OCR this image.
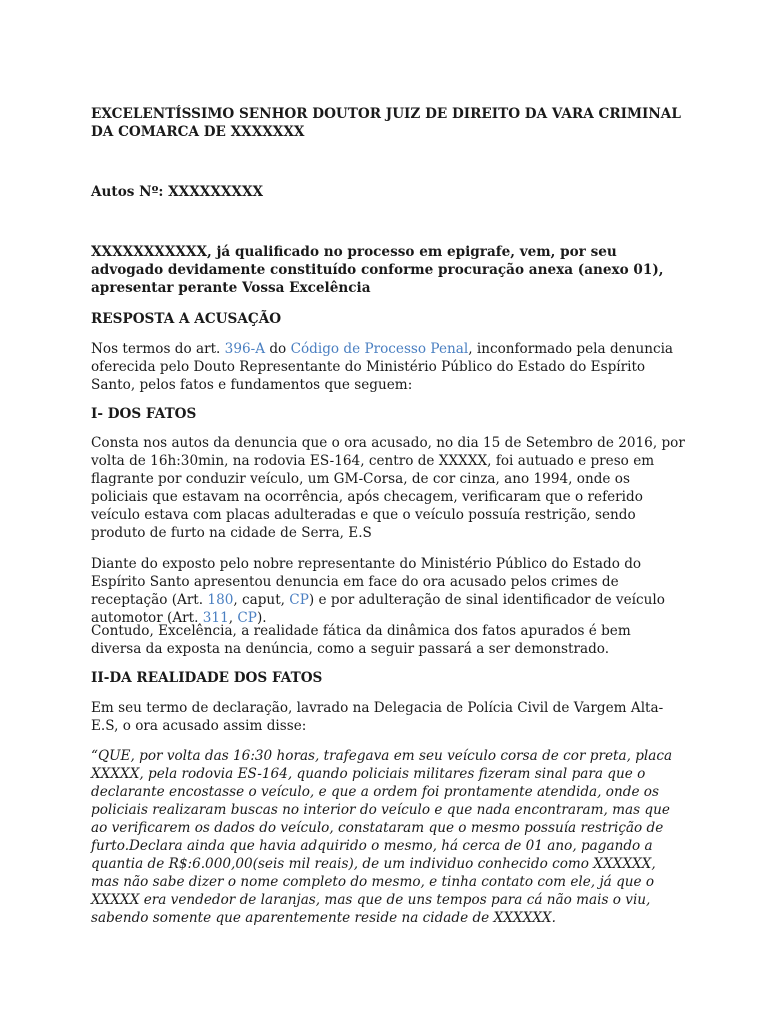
EXCELENTÍSSIMO SENHOR DOUTOR JUIZ DE DIREITO DA VARA CRIMINAL DA COMARCA DE XXXXXXX

Autos Nº: XXXXXXXXX

XXXXXXXXXXX, já qualificado no processo em epigrafe, vem, por seu advogado devidamente constituído conforme procuração anexa (anexo 01), apresentar perante Vossa Excelência

RESPOSTA A ACUSAÇÃO

Nos termos do art. 396-A do Código de Processo Penal, inconformado pela denuncia oferecida pelo Douto Representante do Ministério Público do Estado do Espírito Santo, pelos fatos e fundamentos que seguem:

I- DOS FATOS

Consta nos autos da denuncia que o ora acusado, no dia 15 de Setembro de 2016, por volta de 16h:30min, na rodovia ES-164, centro de XXXXX, foi autuado e preso em flagrante por conduzir veículo, um GM-Corsa, de cor cinza, ano 1994, onde os policiais que estavam na ocorrência, após checagem, verificaram que o referido veículo estava com placas adulteradas e que o veículo possuía restrição, sendo produto de furto na cidade de Serra, E.S

Diante do exposto pelo nobre representante do Ministério Público do Estado do Espírito Santo apresentou denuncia em face do ora acusado pelos crimes de receptação (Art. 180, caput, CP) e por adulteração de sinal identificador de veículo automotor (Art. 311, CP).

Contudo, Excelência, a realidade fática da dinâmica dos fatos apurados é bem diversa da exposta na denúncia, como a seguir passará a ser demonstrado.

II-DA REALIDADE DOS FATOS

Em seu termo de declaração, lavrado na Delegacia de Polícia Civil de Vargem Alta-E.S, o ora acusado assim disse:

“QUE, por volta das 16:30 horas, trafegava em seu veículo corsa de cor preta, placa XXXXX, pela rodovia ES-164, quando policiais militares fizeram sinal para que o declarante encostasse o veículo, e que a ordem foi prontamente atendida, onde os policiais realizaram buscas no interior do veículo e que nada encontraram, mas que ao verificarem os dados do veículo, constataram que o mesmo possuía restrição de furto.Declara ainda que havia adquirido o mesmo, há cerca de 01 ano, pagando a quantia de R$:6.000,00(seis mil reais), de um individuo conhecido como XXXXXX, mas não sabe dizer o nome completo do mesmo, e tinha contato com ele, já que o XXXXX era vendedor de laranjas, mas que de uns tempos para cá não mais o viu, sabendo somente que aparentemente reside na cidade de XXXXXX.
